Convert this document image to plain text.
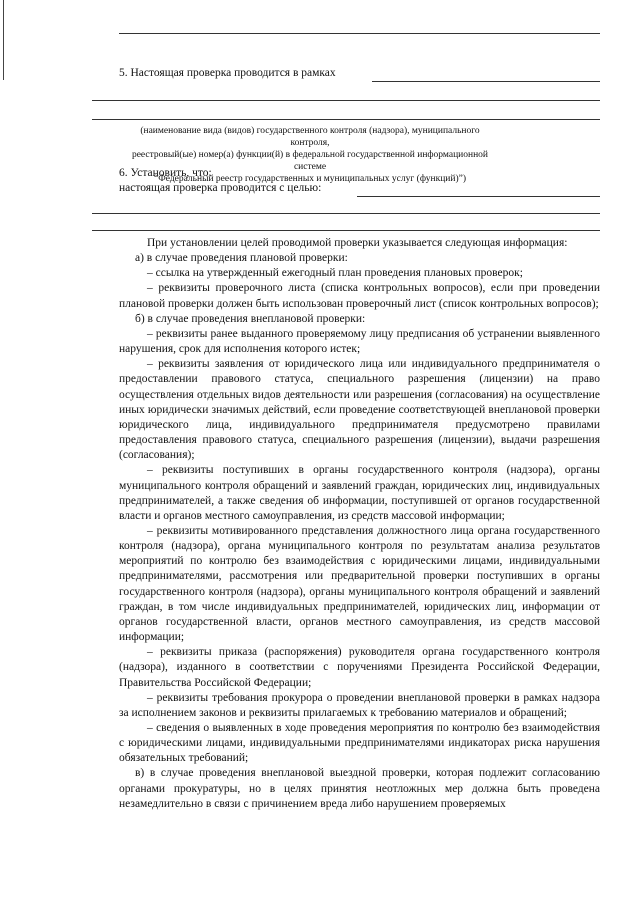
5. Настоящая проверка проводится в рамках
(наименование вида (видов) государственного контроля (надзора), муниципального контроля,
реестровый(ые) номер(а) функции(й) в федеральной государственной информационной системе
“Федеральный реестр государственных и муниципальных услуг (функций)”)
6. Установить, что:
настоящая проверка проводится с целью:

При установлении целей проводимой проверки указывается следующая информация:

а) в случае проведения плановой проверки:

– ссылка на утвержденный ежегодный план проведения плановых проверок;

– реквизиты проверочного листа (списка контрольных вопросов), если при проведении плановой проверки должен быть использован проверочный лист (список контрольных вопросов);

б) в случае проведения внеплановой проверки:

– реквизиты ранее выданного проверяемому лицу предписания об устранении выявленного нарушения, срок для исполнения которого истек;

– реквизиты заявления от юридического лица или индивидуального предпринимателя о предоставлении правового статуса, специального разрешения (лицензии) на право осуществления отдельных видов деятельности или разрешения (согласования) на осуществление иных юридически значимых действий, если проведение соответствующей внеплановой проверки юридического лица, индивидуального предпринимателя предусмотрено правилами предоставления правового статуса, специального разрешения (лицензии), выдачи разрешения (согласования);

– реквизиты поступивших в органы государственного контроля (надзора), органы муниципального контроля обращений и заявлений граждан, юридических лиц, индивидуальных предпринимателей, а также сведения об информации, поступившей от органов государственной власти и органов местного самоуправления, из средств массовой информации;

– реквизиты мотивированного представления должностного лица органа государственного контроля (надзора), органа муниципального контроля по результатам анализа результатов мероприятий по контролю без взаимодействия с юридическими лицами, индивидуальными предпринимателями, рассмотрения или предварительной проверки поступивших в органы государственного контроля (надзора), органы муниципального контроля обращений и заявлений граждан, в том числе индивидуальных предпринимателей, юридических лиц, информации от органов государственной власти, органов местного самоуправления, из средств массовой информации;

– реквизиты приказа (распоряжения) руководителя органа государственного контроля (надзора), изданного в соответствии с поручениями Президента Российской Федерации, Правительства Российской Федерации;

– реквизиты требования прокурора о проведении внеплановой проверки в рамках надзора за исполнением законов и реквизиты прилагаемых к требованию материалов и обращений;

– сведения о выявленных в ходе проведения мероприятия по контролю без взаимодействия с юридическими лицами, индивидуальными предпринимателями индикаторах риска нарушения обязательных требований;

в) в случае проведения внеплановой выездной проверки, которая подлежит согласованию органами прокуратуры, но в целях принятия неотложных мер должна быть проведена незамедлительно в связи с причинением вреда либо нарушением проверяемых
